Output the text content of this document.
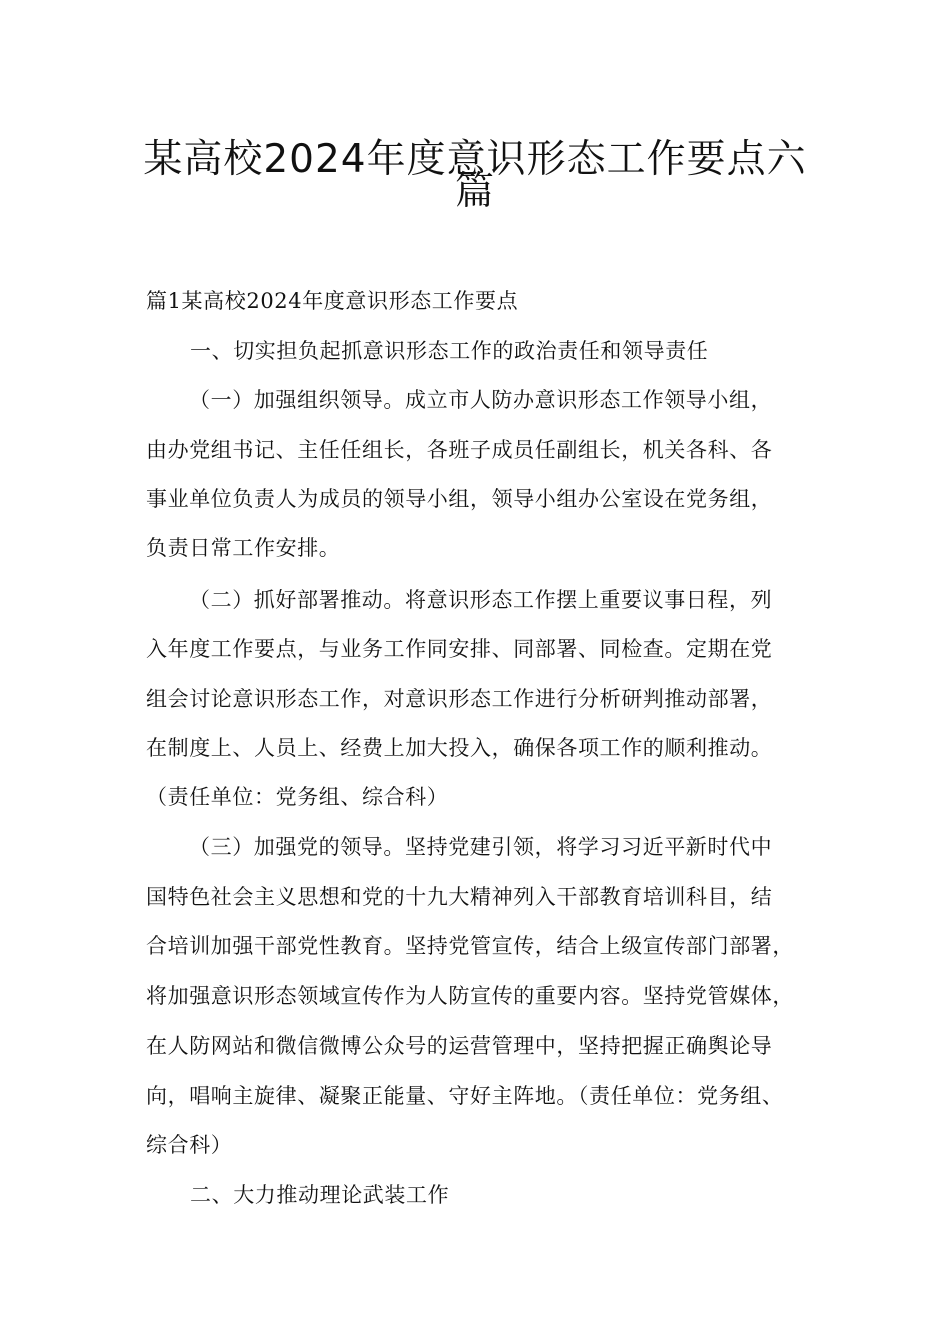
某高校2024年度意识形态工作要点六
篇
篇1某高校2024年度意识形态工作要点
一、切实担负起抓意识形态工作的政治责任和领导责任
（一）加强组织领导。成立市人防办意识形态工作领导小组，
由办党组书记、主任任组长，各班子成员任副组长，机关各科、各
事业单位负责人为成员的领导小组，领导小组办公室设在党务组，
负责日常工作安排。
（二）抓好部署推动。将意识形态工作摆上重要议事日程，列
入年度工作要点，与业务工作同安排、同部署、同检查。定期在党
组会讨论意识形态工作，对意识形态工作进行分析研判推动部署，
在制度上、人员上、经费上加大投入，确保各项工作的顺利推动。
（责任单位：党务组、综合科）
（三）加强党的领导。坚持党建引领，将学习习近平新时代中
国特色社会主义思想和党的十九大精神列入干部教育培训科目，结
合培训加强干部党性教育。坚持党管宣传，结合上级宣传部门部署，
将加强意识形态领域宣传作为人防宣传的重要内容。坚持党管媒体，
在人防网站和微信微博公众号的运营管理中，坚持把握正确舆论导
向，唱响主旋律、凝聚正能量、守好主阵地。（责任单位：党务组、
综合科）
二、大力推动理论武装工作
